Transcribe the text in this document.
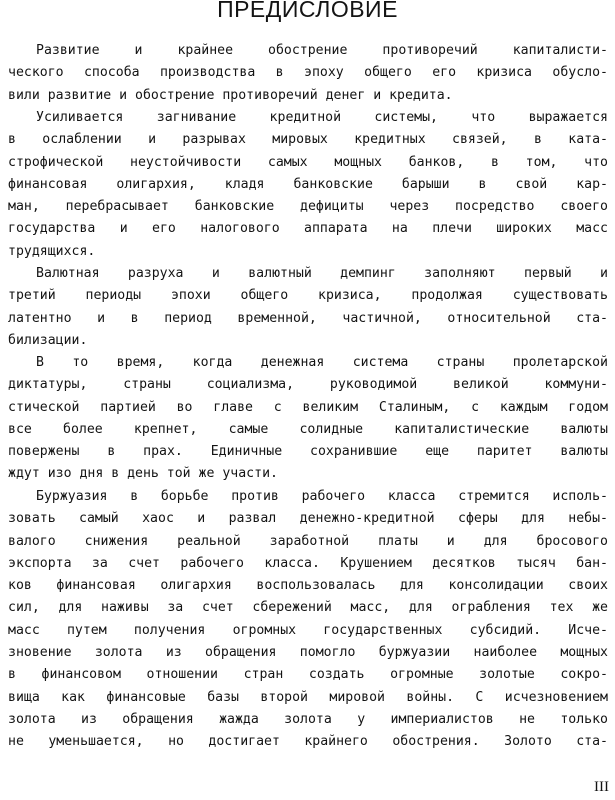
ПРЕДИСЛОВИЕ
Развитие и крайнее обострение противоречий капиталисти-
ческого способа производства в эпоху общего его кризиса обусло-
вили развитие и обострение противоречий денег и кредита.
Усиливается загнивание кредитной системы, что выражается
в ослаблении и разрывах мировых кредитных связей, в ката-
строфической неустойчивости самых мощных банков, в том, что
финансовая олигархия, кладя банковские барыши в свой кар-
ман, перебрасывает банковские дефициты через посредство своего
государства и его налогового аппарата на плечи широких масс
трудящихся.
Валютная разруха и валютный демпинг заполняют первый и
третий периоды эпохи общего кризиса, продолжая существовать
латентно и в период временной, частичной, относительной ста-
билизации.
В то время, когда денежная система страны пролетарской
диктатуры, страны социализма, руководимой великой коммуни-
стической партией во главе с великим Сталиным, с каждым годом
все более крепнет, самые солидные капиталистические валюты
повержены в прах. Единичные сохранившие еще паритет валюты
ждут изо дня в день той же участи.
Буржуазия в борьбе против рабочего класса стремится исполь-
зовать самый хаос и развал денежно-кредитной сферы для небы-
валого снижения реальной заработной платы и для бросового
экспорта за счет рабочего класса. Крушением десятков тысяч бан-
ков финансовая олигархия воспользовалась для консолидации своих
сил, для наживы за счет сбережений масс, для ограбления тех же
масс путем получения огромных государственных субсидий. Исче-
зновение золота из обращения помогло буржуазии наиболее мощных
в финансовом отношении стран создать огромные золотые сокро-
вища как финансовые базы второй мировой войны. С исчезновением
золота из обращения жажда золота у империалистов не только
не уменьшается, но достигает крайнего обострения. Золото ста-

III
